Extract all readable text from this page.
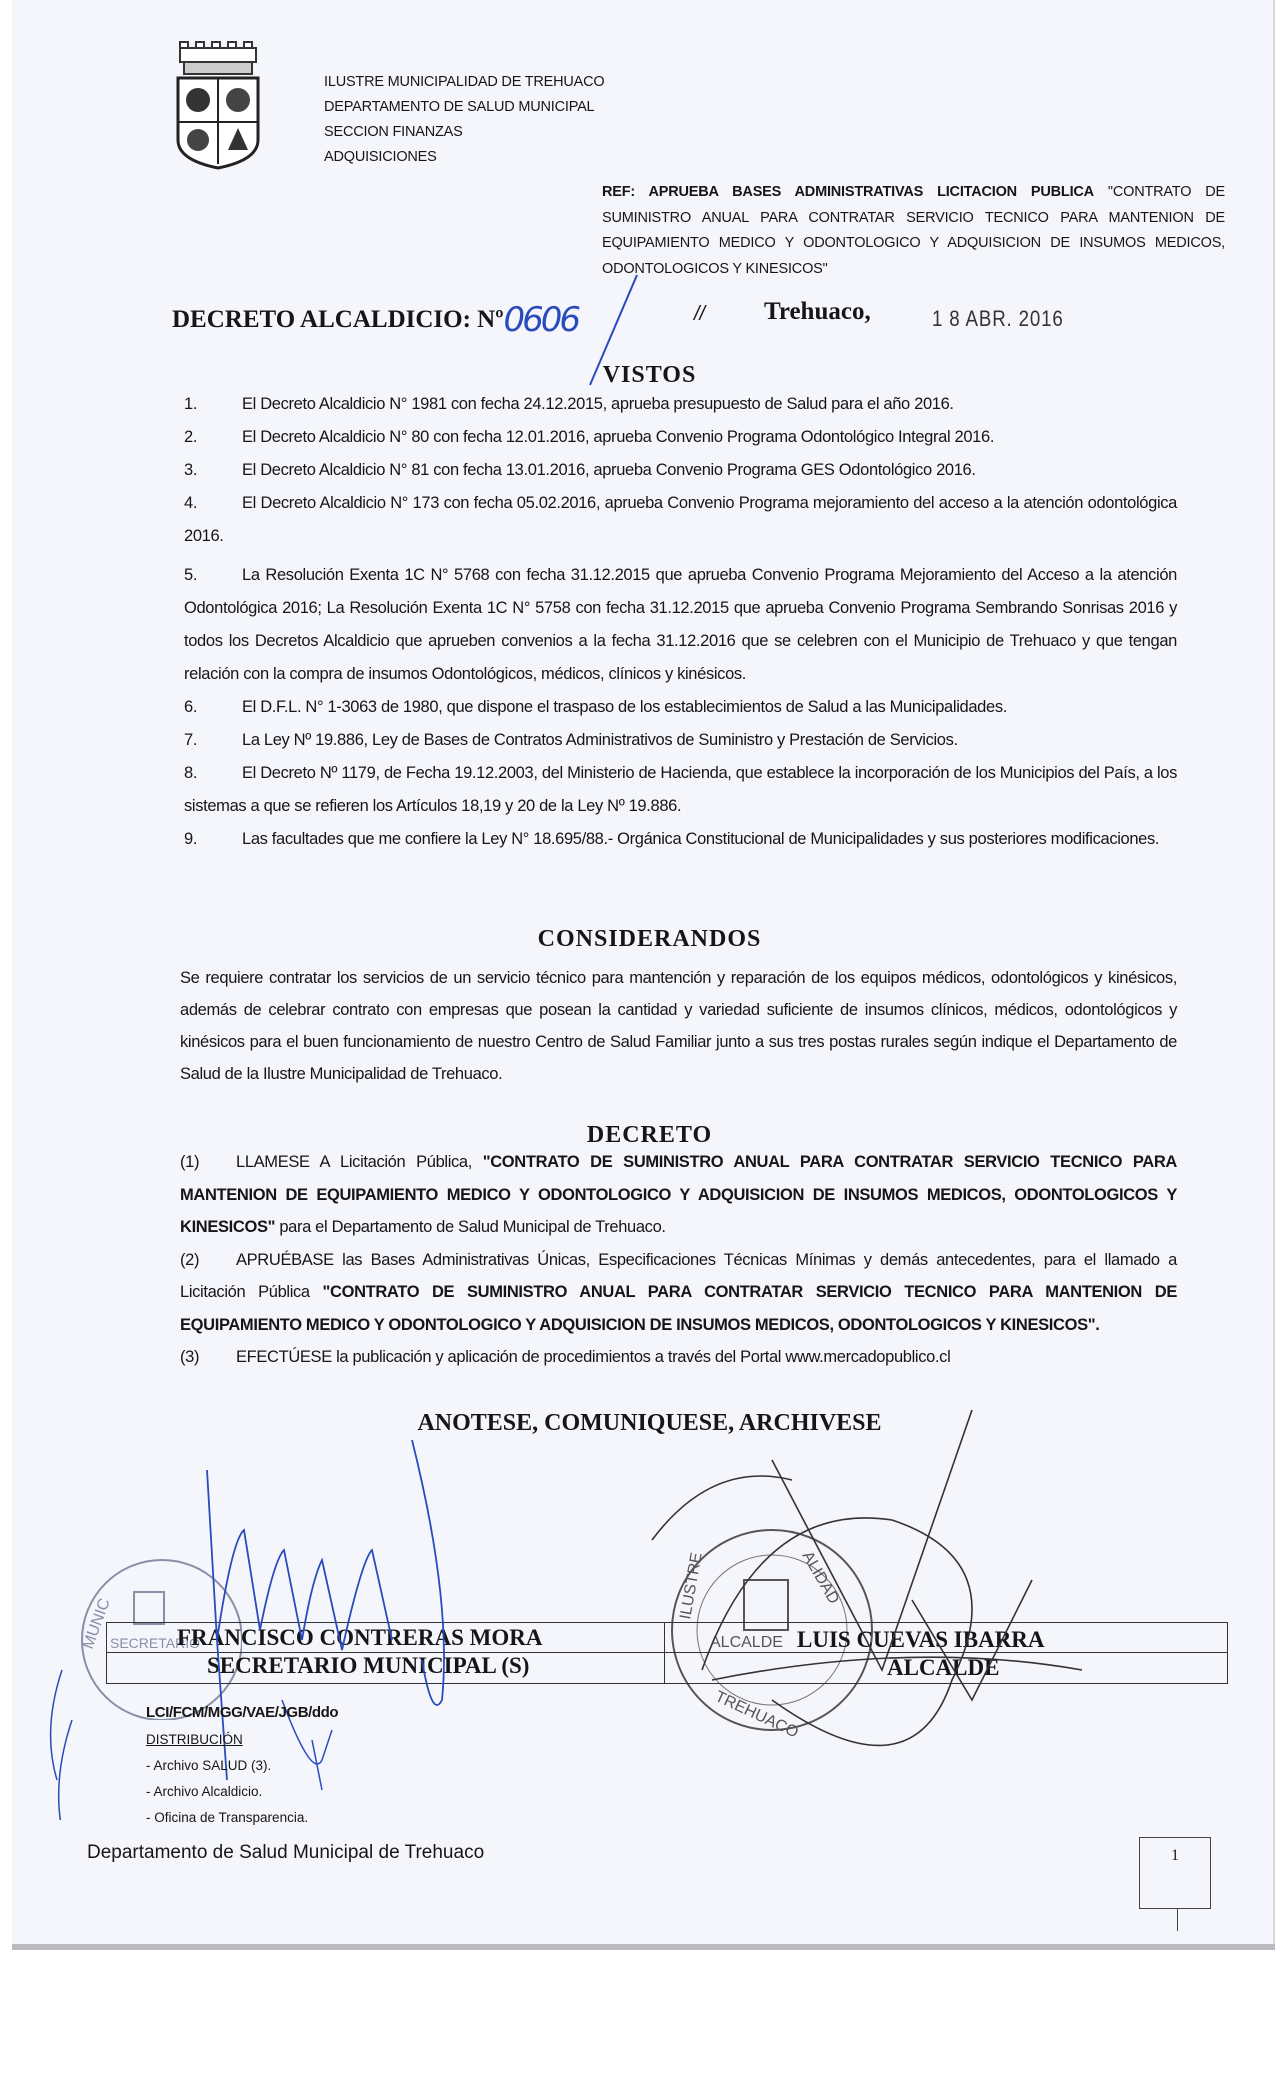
ILUSTRE MUNICIPALIDAD DE TREHUACO
DEPARTAMENTO DE SALUD MUNICIPAL
SECCION FINANZAS
ADQUISICIONES
REF: APRUEBA BASES ADMINISTRATIVAS LICITACION PUBLICA "CONTRATO DE SUMINISTRO ANUAL PARA CONTRATAR SERVICIO TECNICO PARA MANTENION DE EQUIPAMIENTO MEDICO Y ODONTOLOGICO Y ADQUISICION DE INSUMOS MEDICOS, ODONTOLOGICOS Y KINESICOS"
DECRETO ALCALDICIO: Nº0606	// Trehuaco,	1 8 ABR. 2016
VISTOS
1.	El Decreto Alcaldicio N° 1981 con fecha 24.12.2015, aprueba presupuesto de Salud para el año 2016.
2.	El Decreto Alcaldicio N° 80 con fecha 12.01.2016, aprueba Convenio Programa Odontológico Integral 2016.
3.	El Decreto Alcaldicio N° 81 con fecha 13.01.2016, aprueba Convenio Programa GES Odontológico 2016.
4.	El Decreto Alcaldicio N° 173 con fecha 05.02.2016, aprueba Convenio Programa mejoramiento del acceso a la atención odontológica 2016.
5.	La Resolución Exenta 1C N° 5768 con fecha 31.12.2015 que aprueba Convenio Programa Mejoramiento del Acceso a la atención Odontológica 2016; La Resolución Exenta 1C N° 5758 con fecha 31.12.2015 que aprueba Convenio Programa Sembrando Sonrisas 2016 y todos los Decretos Alcaldicio que aprueben convenios a la fecha 31.12.2016 que se celebren con el Municipio de Trehuaco y que tengan relación con la compra de insumos Odontológicos, médicos, clínicos y kinésicos.
6.	El D.F.L. N° 1-3063 de 1980, que dispone el traspaso de los establecimientos de Salud a las Municipalidades.
7.	La Ley Nº 19.886, Ley de Bases de Contratos Administrativos de Suministro y Prestación de Servicios.
8.	El Decreto Nº 1179, de Fecha 19.12.2003, del Ministerio de Hacienda, que establece la incorporación de los Municipios del País, a los sistemas a que se refieren los Artículos 18,19 y 20 de la Ley Nº 19.886.
9.	Las facultades que me confiere la Ley N° 18.695/88.- Orgánica Constitucional de Municipalidades y sus posteriores modificaciones.
CONSIDERANDOS
Se requiere contratar los servicios de un servicio técnico para mantención y reparación de los equipos médicos, odontológicos y kinésicos, además de celebrar contrato con empresas que posean la cantidad y variedad suficiente de insumos clínicos, médicos, odontológicos y kinésicos para el buen funcionamiento de nuestro Centro de Salud Familiar junto a sus tres postas rurales según indique el Departamento de Salud de la Ilustre Municipalidad de Trehuaco.
DECRETO
(1) LLAMESE A Licitación Pública, "CONTRATO DE SUMINISTRO ANUAL PARA CONTRATAR SERVICIO TECNICO PARA MANTENION DE EQUIPAMIENTO MEDICO Y ODONTOLOGICO Y ADQUISICION DE INSUMOS MEDICOS, ODONTOLOGICOS Y KINESICOS" para el Departamento de Salud Municipal de Trehuaco.
(2) APRUÉBASE las Bases Administrativas Únicas, Especificaciones Técnicas Mínimas y demás antecedentes, para el llamado a Licitación Pública "CONTRATO DE SUMINISTRO ANUAL PARA CONTRATAR SERVICIO TECNICO PARA MANTENION DE EQUIPAMIENTO MEDICO Y ODONTOLOGICO Y ADQUISICION DE INSUMOS MEDICOS, ODONTOLOGICOS Y KINESICOS".
(3) EFECTÚESE la publicación y aplicación de procedimientos a través del Portal www.mercadopublico.cl
ANOTESE, COMUNIQUESE, ARCHIVESE
MUNIC
SECRETARIO
ILUSTRE	ALIDAD
ALCALDE
TREHUACO
FRANCISCO CONTRERAS MORA
SECRETARIO MUNICIPAL (S)
LUIS CUEVAS IBARRA
ALCALDE
LCI/FCM/MGG/VAE/JGB/ddo
DISTRIBUCIÓN
- Archivo SALUD (3).
- Archivo Alcaldicio.
- Oficina de Transparencia.
Departamento de Salud Municipal de Trehuaco	1
